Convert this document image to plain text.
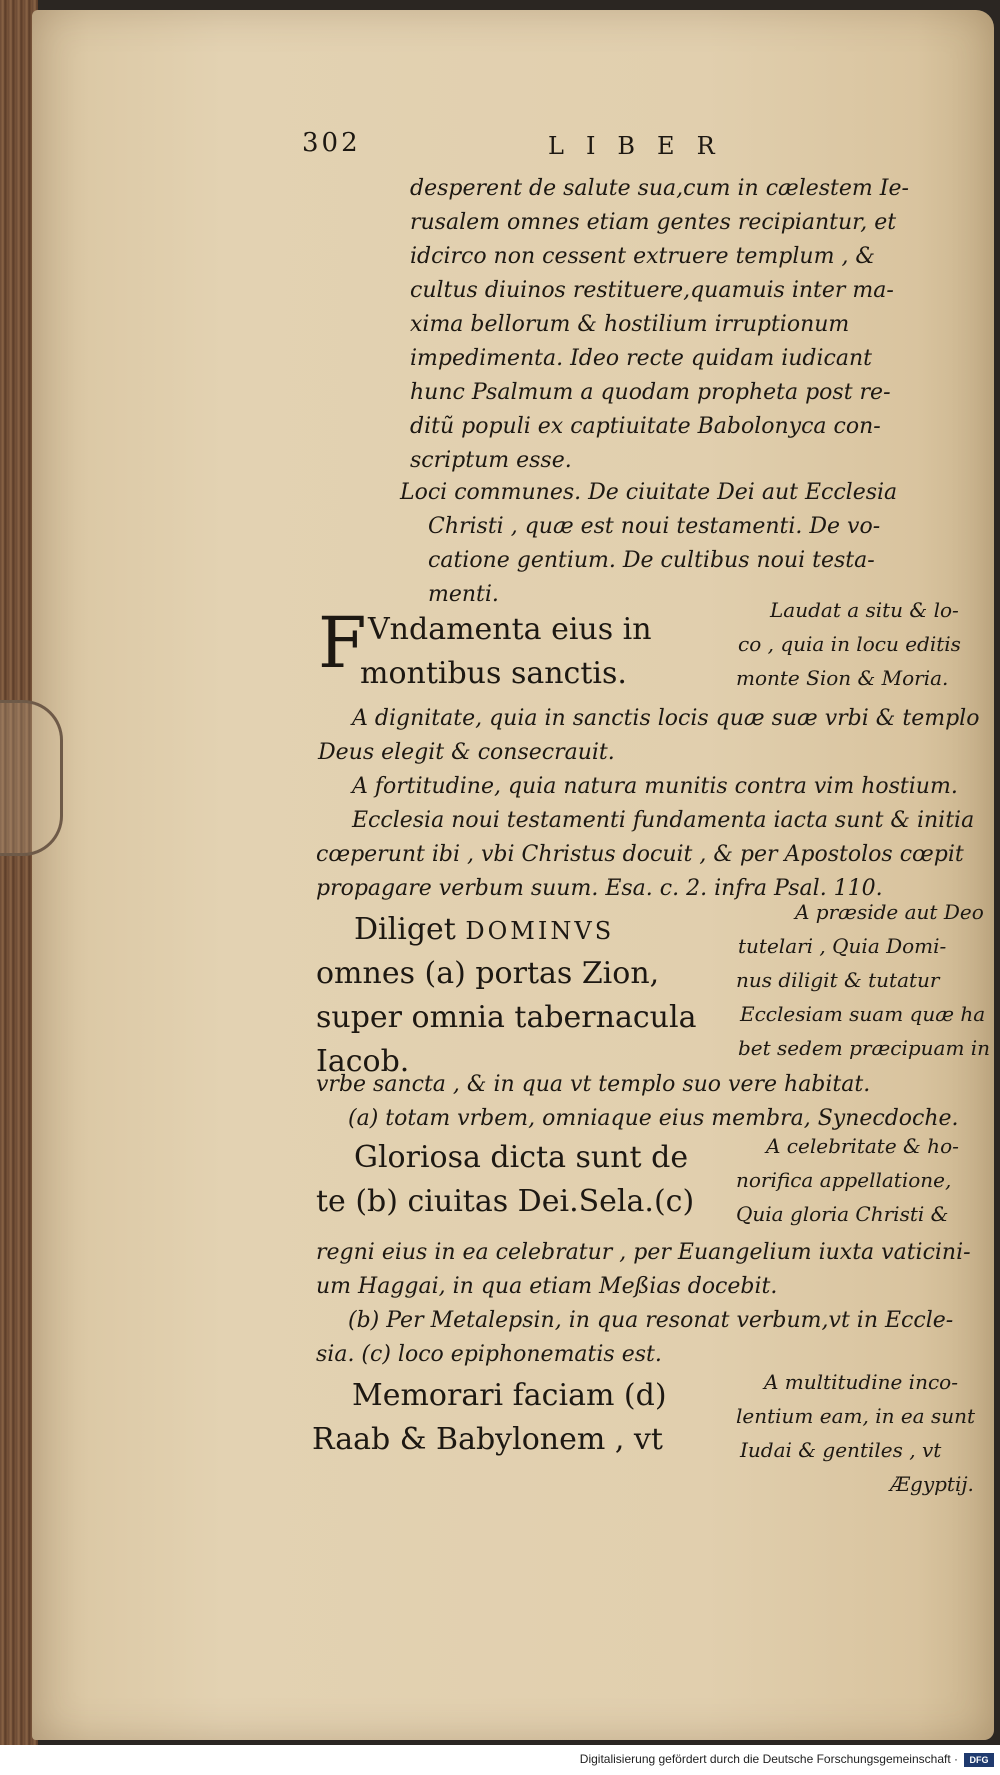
302	LIBER
desperent de salute sua,cum in cælestem Ie-
rusalem omnes etiam gentes recipiantur, et
idcirco non cessent extruere templum , &
cultus diuinos restituere,quamuis inter ma-
xima bellorum & hostilium irruptionum
impedimenta. Ideo recte quidam iudicant
hunc Psalmum a quodam propheta post re-
ditũ populi ex captiuitate Babolonyca con-
scriptum esse.
Loci communes. De ciuitate Dei aut Ecclesia
Christi , quæ est noui testamenti. De vo-
catione gentium. De cultibus noui testa-
menti.
F Vndamenta eius in
montibus sanctis.
Laudat a situ & lo-
co , quia in locu editis
monte Sion & Moria.
A dignitate, quia in sanctis locis quæ suæ vrbi & templo
Deus elegit & consecrauit.
A fortitudine, quia natura munitis contra vim hostium.
Ecclesia noui testamenti fundamenta iacta sunt & initia
cœperunt ibi , vbi Christus docuit , & per Apostolos cœpit
propagare verbum suum. Esa. c. 2. infra Psal. 110.
Diliget DOMINVS
omnes (a) portas Zion,
super omnia tabernacula
Iacob.
A præside aut Deo
tutelari , Quia Domi-
nus diligit & tutatur
Ecclesiam suam quæ ha
bet sedem præcipuam in
vrbe sancta , & in qua vt templo suo vere habitat.
(a) totam vrbem, omniaque eius membra, Synecdoche.
Gloriosa dicta sunt de
te (b) ciuitas Dei.Sela.(c)
A celebritate & ho-
norifica appellatione,
Quia gloria Christi &
regni eius in ea celebratur , per Euangelium iuxta vaticini-
um Haggai, in qua etiam Meßias docebit.
(b) Per Metalepsin, in qua resonat verbum,vt in Eccle-
sia. (c) loco epiphonematis est.
Memorari faciam (d)
Raab & Babylonem , vt
A multitudine inco-
lentium eam, in ea sunt
Iudai & gentiles , vt
Ægyptij.
Digitalisierung gefördert durch die Deutsche Forschungsgemeinschaft ·	DFG
